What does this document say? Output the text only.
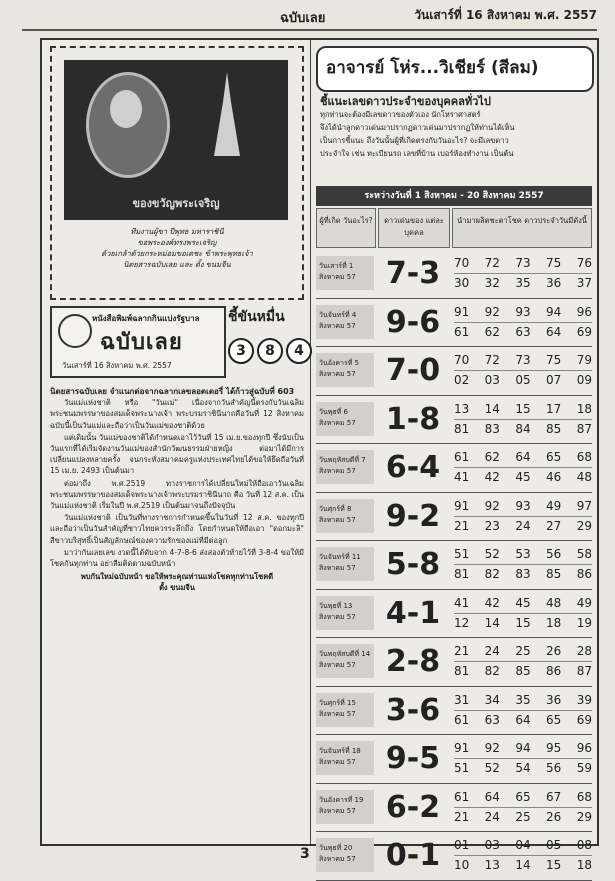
ฉบับเลย	วันเสาร์ที่ 16 สิงหาคม พ.ศ. 2557
ของขวัญพระเจริญ
ทีมงานผู้ขา ปีพุทธ มหาราชินี
ขอพระองค์ทรงพระเจริญ
ด้วยเกล้าด้วยกระหม่อมขอเดชะ ข้าพระพุทธเจ้า
นิตยสารฉบับเลย และ ตั้ง ขนมจีน
หนังสือพิมพ์ฉลากกินแบ่งรัฐบาล
ฉบับเลย
วันเสาร์ที่ 16 สิงหาคม พ.ศ. 2557
ชี้ขันหมื่น
3	8	4
นิตยสารฉบับเลย จำแนกต่อจากฉลากเลขลอตเตอรี่ ได้ก้าวสู่ฉบับที่ 603

วันแม่แห่งชาติ หรือ "วันแม่" เนื่องจากวันสำคัญนี้ตรงกับวันเฉลิมพระชนมพรรษาของสมเด็จพระนางเจ้า พระบรมราชินีนาถคือวันที่ 12 สิงหาคม ฉบับนี้เป็นวันแม่และถือว่าเป็นวันแม่ของชาติด้วย

แต่เดิมนั้น วันแม่ของชาติได้กำหนดเอาไว้วันที่ 15 เม.ย.ของทุกปี ซึ่งนับเป็นวันแรกที่ได้เริ่มจัดงานวันแม่ของสำนักวัฒนธรรมฝ่ายหญิง ต่อมาได้มีการเปลี่ยนแปลงหลายครั้ง จนกระทั่งสมาคมครูแห่งประเทศไทยได้ขอให้ยึดถือวันที่ 15 เม.ย. 2493 เป็นต้นมา

ต่อมาถึง พ.ศ.2519 ทางราชการได้เปลี่ยนใหม่ให้ถือเอาวันเฉลิมพระชนมพรรษาของสมเด็จพระนางเจ้าพระบรมราชินีนาถ คือ วันที่ 12 ส.ค. เป็นวันแม่แห่งชาติ เริ่มในปี พ.ศ.2519 เป็นต้นมาจนถึงปัจจุบัน

วันแม่แห่งชาติ เป็นวันที่ทางราชการกำหนดขึ้นในวันที่ 12 ส.ค. ของทุกปี และถือว่าเป็นวันสำคัญที่ชาวไทยควรระลึกถึง โดยกำหนดให้ถือเอา "ดอกมะลิ" สีขาวบริสุทธิ์เป็นสัญลักษณ์ของความรักของแม่ที่มีต่อลูก

มาว่ากันเลยเลข งวดนี้ได้ดับจาก 4-7-8-6 ส่งสองตัวท้ายไว้ที่ 3-8-4 ขอให้มีโชคกันทุกท่าน อย่าลืมติดตามฉบับหน้า

พบกันใหม่ฉบับหน้า ขอให้พระคุณท่านแห่งโชคทุกท่านโชคดี
ตั้ง ขนมจีน
อาจารย์ โห่ร...วิเชียร์ (สีลม)
ชี้แนะเลขดาวประจำของบุคคลทั่วไป
ทุกท่านจะต้องมีเลขดาวของตัวเอง นักโหราศาสตร์
จึงได้นำลูกดาวเด่นมาปรากฏดาวเด่นมาปรากฏให้ท่านได้เห็น
เป็นการชี้แนะ ถึงวันนั้นผู้ที่เกิดตรงกับวันอะไร? จะมีเลขดาว
ประจำใจ เช่น ทะเบียนรถ เลขที่บ้าน เบอร์ห้องทำงาน เป็นต้น
ระหว่างวันที่ 1 สิงหาคม - 20 สิงหาคม 2557
ผู้ที่เกิด วันอะไร?	ดาวเด่นของ แต่ละบุคคล
นำมาผลิตชะตาโชค ดาวประจำวันมีดังนี้
วันเสาร์ที่ 1 สิงหาคม 57	7-3	70 72 73 75 76
30 32 35 36 37
วันจันทร์ที่ 4 สิงหาคม 57	9-6	91 92 93 94 96
61 62 63 64 69
วันอังคารที่ 5 สิงหาคม 57	7-0	70 72 73 75 79
02 03 05 07 09
วันพุธที่ 6 สิงหาคม 57	1-8	13 14 15 17 18
81 83 84 85 87
วันพฤหัสบดีที่ 7 สิงหาคม 57	6-4	61 62 64 65 68
41 42 45 46 48
วันศุกร์ที่ 8 สิงหาคม 57	9-2	91 92 93 49 97
21 23 24 27 29
วันจันทร์ที่ 11 สิงหาคม 57	5-8	51 52 53 56 58
81 82 83 85 86
วันพุธที่ 13 สิงหาคม 57	4-1	41 42 45 48 49
12 14 15 18 19
วันพฤหัสบดีที่ 14 สิงหาคม 57	2-8	21 24 25 26 28
81 82 85 86 87
วันศุกร์ที่ 15 สิงหาคม 57	3-6	31 34 35 36 39
61 63 64 65 69
วันจันทร์ที่ 18 สิงหาคม 57	9-5	91 92 94 95 96
51 52 54 56 59
วันอังคารที่ 19 สิงหาคม 57	6-2	61 64 65 67 68
21 24 25 26 29
วันพุธที่ 20 สิงหาคม 57	0-1	01 03 04 05 08
10 13 14 15 18
3
